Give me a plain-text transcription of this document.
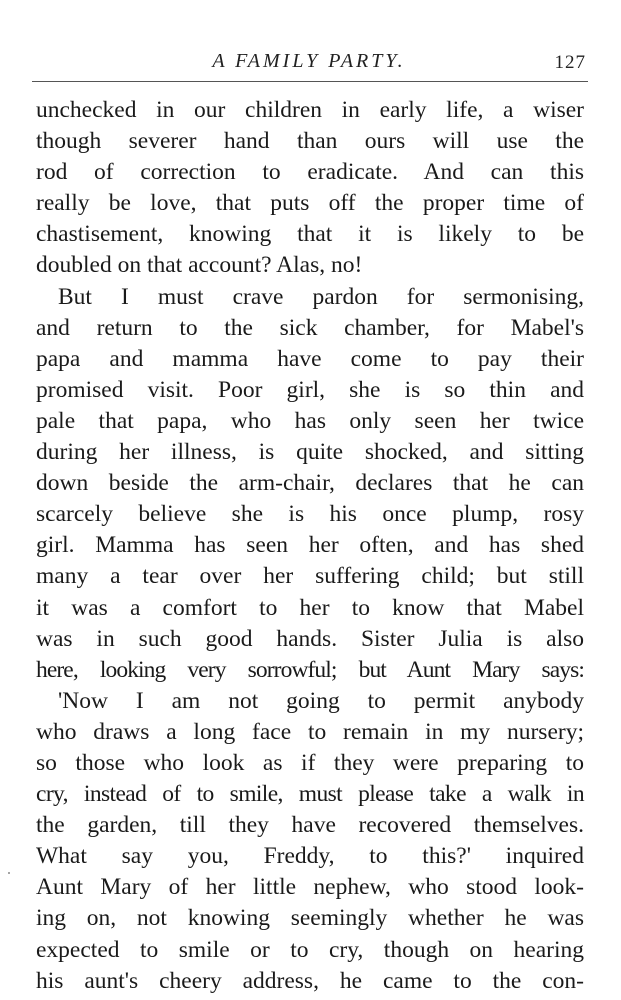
A FAMILY PARTY.	127
unchecked in our children in early life, a wiser
though severer hand than ours will use the
rod of correction to eradicate. And can this
really be love, that puts off the proper time of
chastisement, knowing that it is likely to be
doubled on that account? Alas, no!
But I must crave pardon for sermonising,
and return to the sick chamber, for Mabel's
papa and mamma have come to pay their
promised visit. Poor girl, she is so thin and
pale that papa, who has only seen her twice
during her illness, is quite shocked, and sitting
down beside the arm-chair, declares that he can
scarcely believe she is his once plump, rosy
girl. Mamma has seen her often, and has shed
many a tear over her suffering child; but still
it was a comfort to her to know that Mabel
was in such good hands. Sister Julia is also
here, looking very sorrowful; but Aunt Mary says:
'Now I am not going to permit anybody
who draws a long face to remain in my nursery;
so those who look as if they were preparing to
cry, instead of to smile, must please take a walk in
the garden, till they have recovered themselves.
What say you, Freddy, to this?' inquired
Aunt Mary of her little nephew, who stood look-
ing on, not knowing seemingly whether he was
expected to smile or to cry, though on hearing
his aunt's cheery address, he came to the con-
